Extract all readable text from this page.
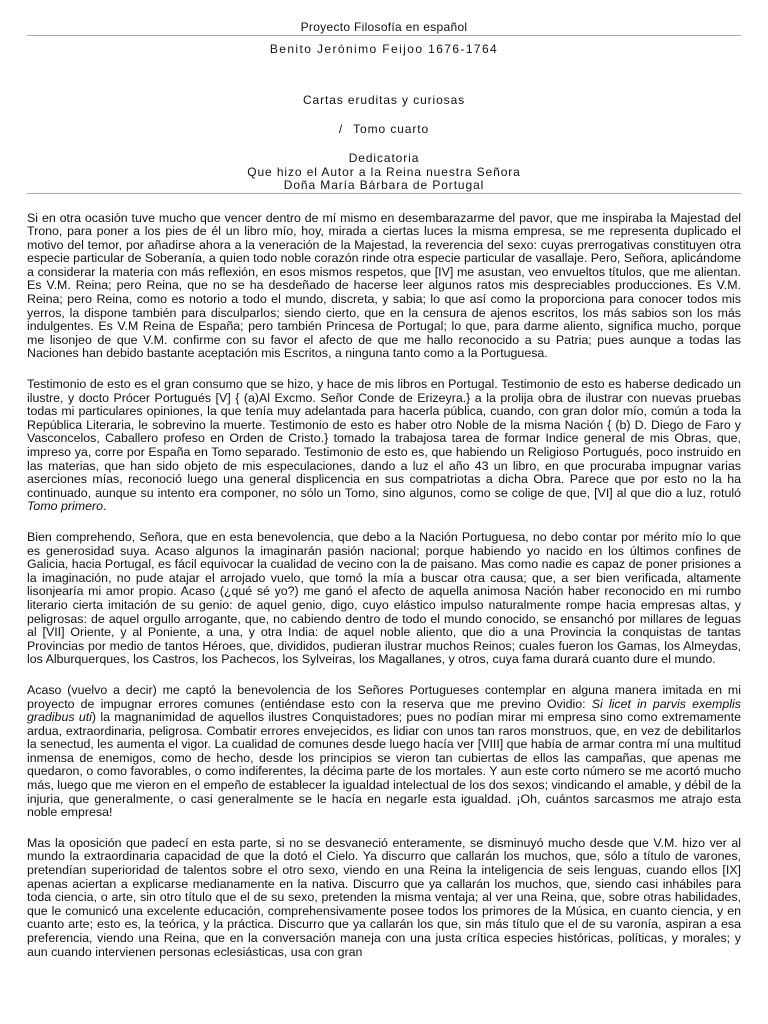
Proyecto Filosofía en español
Benito Jerónimo Feijoo 1676-1764
Cartas eruditas y curiosas
/ Tomo cuarto
Dedicatoria
Que hizo el Autor a la Reina nuestra Señora
Doña María Bárbara de Portugal

Si en otra ocasión tuve mucho que vencer dentro de mí mismo en desembarazarme del pavor, que me inspiraba la Majestad del Trono, para poner a los pies de él un libro mío, hoy, mirada a ciertas luces la misma empresa, se me representa duplicado el motivo del temor, por añadirse ahora a la veneración de la Majestad, la reverencia del sexo: cuyas prerrogativas constituyen otra especie particular de Soberanía, a quien todo noble corazón rinde otra especie particular de vasallaje. Pero, Señora, aplicándome a considerar la materia con más reflexión, en esos mismos respetos, que [IV] me asustan, veo envueltos títulos, que me alientan. Es V.M. Reina; pero Reina, que no se ha desdeñado de hacerse leer algunos ratos mis despreciables producciones. Es V.M. Reina; pero Reina, como es notorio a todo el mundo, discreta, y sabia; lo que así como la proporciona para conocer todos mis yerros, la dispone también para disculparlos; siendo cierto, que en la censura de ajenos escritos, los más sabios son los más indulgentes. Es V.M Reina de España; pero también Princesa de Portugal; lo que, para darme aliento, significa mucho, porque me lisonjeo de que V.M. confirme con su favor el afecto de que me hallo reconocido a su Patria; pues aunque a todas las Naciones han debido bastante aceptación mis Escritos, a ninguna tanto como a la Portuguesa.

Testimonio de esto es el gran consumo que se hizo, y hace de mis libros en Portugal. Testimonio de esto es haberse dedicado un ilustre, y docto Prócer Portugués [V] { (a)Al Excmo. Señor Conde de Erizeyra.} a la prolija obra de ilustrar con nuevas pruebas todas mi particulares opiniones, la que tenía muy adelantada para hacerla pública, cuando, con gran dolor mío, común a toda la República Literaria, le sobrevino la muerte. Testimonio de esto es haber otro Noble de la misma Nación { (b) D. Diego de Faro y Vasconcelos, Caballero profeso en Orden de Cristo.} tomado la trabajosa tarea de formar Indice general de mis Obras, que, impreso ya, corre por España en Tomo separado. Testimonio de esto es, que habiendo un Religioso Portugués, poco instruido en las materias, que han sido objeto de mis especulaciones, dando a luz el año 43 un libro, en que procuraba impugnar varias aserciones mías, reconoció luego una general displicencia en sus compatriotas a dicha Obra. Parece que por esto no la ha continuado, aunque su intento era componer, no sólo un Tomo, sino algunos, como se colige de que, [VI] al que dio a luz, rotuló Tomo primero.

Bien comprehendo, Señora, que en esta benevolencia, que debo a la Nación Portuguesa, no debo contar por mérito mío lo que es generosidad suya. Acaso algunos la imaginarán pasión nacional; porque habiendo yo nacido en los últimos confines de Galicia, hacia Portugal, es fácil equivocar la cualidad de vecino con la de paisano. Mas como nadie es capaz de poner prisiones a la imaginación, no pude atajar el arrojado vuelo, que tomó la mía a buscar otra causa; que, a ser bien verificada, altamente lisonjearía mi amor propio. Acaso (¿qué sé yo?) me ganó el afecto de aquella animosa Nación haber reconocido en mi rumbo literario cierta imitación de su genio: de aquel genio, digo, cuyo elástico impulso naturalmente rompe hacia empresas altas, y peligrosas: de aquel orgullo arrogante, que, no cabiendo dentro de todo el mundo conocido, se ensanchó por millares de leguas al [VII] Oriente, y al Poniente, a una, y otra India: de aquel noble aliento, que dio a una Provincia la conquistas de tantas Provincias por medio de tantos Héroes, que, divididos, pudieran ilustrar muchos Reinos; cuales fueron los Gamas, los Almeydas, los Alburquerques, los Castros, los Pachecos, los Sylveiras, los Magallanes, y otros, cuya fama durará cuanto dure el mundo.

Acaso (vuelvo a decir) me captó la benevolencia de los Señores Portugueses contemplar en alguna manera imitada en mi proyecto de impugnar errores comunes (entiéndase esto con la reserva que me previno Ovidio: Si licet in parvis exemplis gradibus uti) la magnanimidad de aquellos ilustres Conquistadores; pues no podían mirar mi empresa sino como extremamente ardua, extraordinaria, peligrosa. Combatir errores envejecidos, es lidiar con unos tan raros monstruos, que, en vez de debilitarlos la senectud, les aumenta el vigor. La cualidad de comunes desde luego hacía ver [VIII] que había de armar contra mí una multitud inmensa de enemigos, como de hecho, desde los principios se vieron tan cubiertas de ellos las campañas, que apenas me quedaron, o como favorables, o como indiferentes, la décima parte de los mortales. Y aun este corto número se me acortó mucho más, luego que me vieron en el empeño de establecer la igualdad intelectual de los dos sexos; vindicando el amable, y débil de la injuria, que generalmente, o casi generalmente se le hacía en negarle esta igualdad. ¡Oh, cuántos sarcasmos me atrajo esta noble empresa!

Mas la oposición que padecí en esta parte, si no se desvaneció enteramente, se disminuyó mucho desde que V.M. hizo ver al mundo la extraordinaria capacidad de que la dotó el Cielo. Ya discurro que callarán los muchos, que, sólo a título de varones, pretendían superioridad de talentos sobre el otro sexo, viendo en una Reina la inteligencia de seis lenguas, cuando ellos [IX] apenas aciertan a explicarse medianamente en la nativa. Discurro que ya callarán los muchos, que, siendo casi inhábiles para toda ciencia, o arte, sin otro título que el de su sexo, pretenden la misma ventaja; al ver una Reina, que, sobre otras habilidades, que le comunicó una excelente educación, comprehensivamente posee todos los primores de la Música, en cuanto ciencia, y en cuanto arte; esto es, la teórica, y la práctica. Discurro que ya callarán los que, sin más título que el de su varonía, aspiran a esa preferencia, viendo una Reina, que en la conversación maneja con una justa crítica especies históricas, políticas, y morales; y aun cuando intervienen personas eclesiásticas, usa con gran
